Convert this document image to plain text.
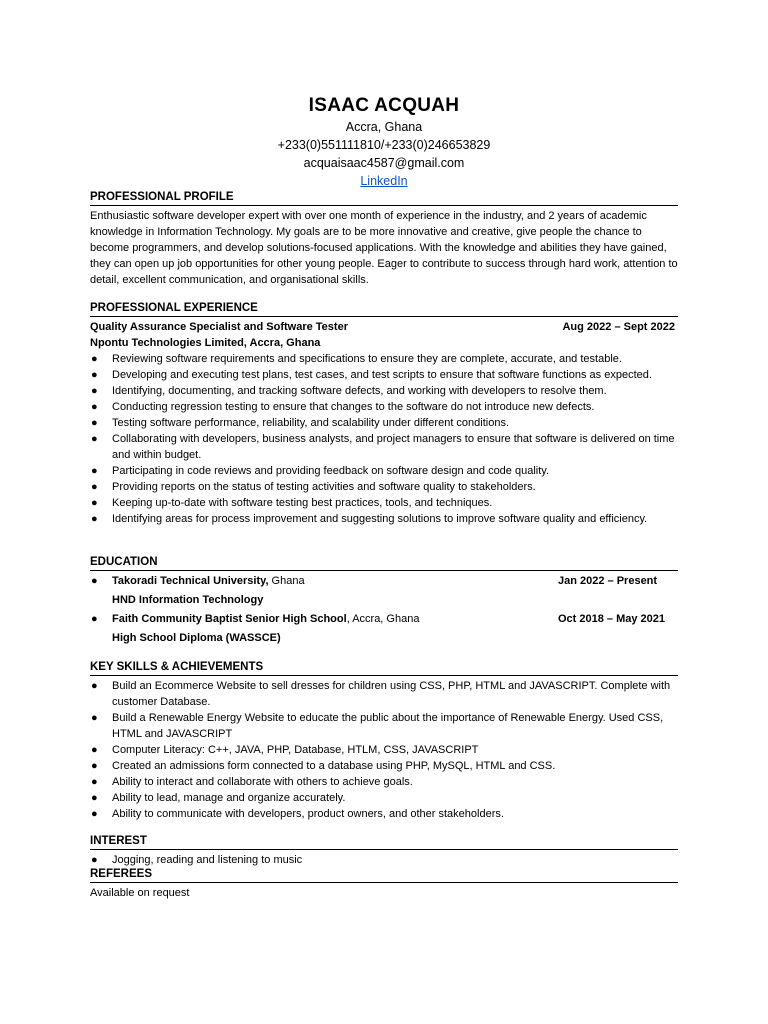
ISAAC ACQUAH
Accra, Ghana
+233(0)551111810/+233(0)246653829
acquaisaac4587@gmail.com
LinkedIn
PROFESSIONAL PROFILE
Enthusiastic software developer expert with over one month of experience in the industry, and 2 years of academic knowledge in Information Technology. My goals are to be more innovative and creative, give people the chance to become programmers, and develop solutions-focused applications. With the knowledge and abilities they have gained, they can open up job opportunities for other young people. Eager to contribute to success through hard work, attention to detail, excellent communication, and organisational skills.
PROFESSIONAL EXPERIENCE
Quality Assurance Specialist and Software Tester	Aug 2022 – Sept 2022
Npontu Technologies Limited, Accra, Ghana
● Reviewing software requirements and specifications to ensure they are complete, accurate, and testable.
● Developing and executing test plans, test cases, and test scripts to ensure that software functions as expected.
● Identifying, documenting, and tracking software defects, and working with developers to resolve them.
● Conducting regression testing to ensure that changes to the software do not introduce new defects.
● Testing software performance, reliability, and scalability under different conditions.
● Collaborating with developers, business analysts, and project managers to ensure that software is delivered on time and within budget.
● Participating in code reviews and providing feedback on software design and code quality.
● Providing reports on the status of testing activities and software quality to stakeholders.
● Keeping up-to-date with software testing best practices, tools, and techniques.
● Identifying areas for process improvement and suggesting solutions to improve software quality and efficiency.
EDUCATION
● Takoradi Technical University, Ghana	Jan 2022 – Present
HND Information Technology
● Faith Community Baptist Senior High School, Accra, Ghana	Oct 2018 – May 2021
High School Diploma (WASSCE)
KEY SKILLS & ACHIEVEMENTS
● Build an Ecommerce Website to sell dresses for children using CSS, PHP, HTML and JAVASCRIPT. Complete with customer Database.
● Build a Renewable Energy Website to educate the public about the importance of Renewable Energy. Used CSS, HTML and JAVASCRIPT
● Computer Literacy: C++, JAVA, PHP, Database, HTLM, CSS, JAVASCRIPT
● Created an admissions form connected to a database using PHP, MySQL, HTML and CSS.
● Ability to interact and collaborate with others to achieve goals.
● Ability to lead, manage and organize accurately.
● Ability to communicate with developers, product owners, and other stakeholders.
INTEREST
● Jogging, reading and listening to music
REFEREES
Available on request
